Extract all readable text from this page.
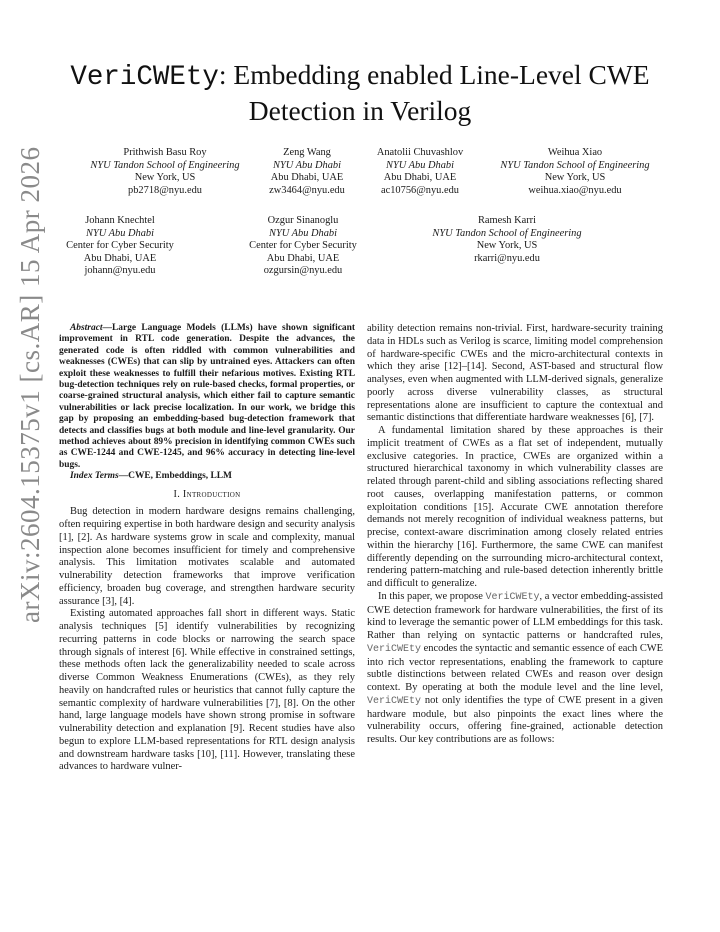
arXiv:2604.15375v1 [cs.AR] 15 Apr 2026
VeriCWEty: Embedding enabled Line-Level CWE
Detection in Verilog
Prithwish Basu Roy
NYU Tandon School of Engineering
New York, US
pb2718@nyu.edu
Zeng Wang
NYU Abu Dhabi
Abu Dhabi, UAE
zw3464@nyu.edu
Anatolii Chuvashlov
NYU Abu Dhabi
Abu Dhabi, UAE
ac10756@nyu.edu
Weihua Xiao
NYU Tandon School of Engineering
New York, US
weihua.xiao@nyu.edu
Johann Knechtel
NYU Abu Dhabi
Center for Cyber Security
Abu Dhabi, UAE
johann@nyu.edu
Ozgur Sinanoglu
NYU Abu Dhabi
Center for Cyber Security
Abu Dhabi, UAE
ozgursin@nyu.edu
Ramesh Karri
NYU Tandon School of Engineering
New York, US
rkarri@nyu.edu

Abstract—Large Language Models (LLMs) have shown significant improvement in RTL code generation. Despite the advances, the generated code is often riddled with common vulnerabilities and weaknesses (CWEs) that can slip by untrained eyes. Attackers can often exploit these weaknesses to fulfill their nefarious motives. Existing RTL bug-detection techniques rely on rule-based checks, formal properties, or coarse-grained structural analysis, which either fail to capture semantic vulnerabilities or lack precise localization. In our work, we bridge this gap by proposing an embedding-based bug-detection framework that detects and classifies bugs at both module and line-level granularity. Our method achieves about 89% precision in identifying common CWEs such as CWE-1244 and CWE-1245, and 96% accuracy in detecting line-level bugs.

Index Terms—CWE, Embeddings, LLM

I. Introduction

Bug detection in modern hardware designs remains challenging, often requiring expertise in both hardware design and security analysis [1], [2]. As hardware systems grow in scale and complexity, manual inspection alone becomes insufficient for timely and comprehensive analysis. This limitation motivates scalable and automated vulnerability detection frameworks that improve verification efficiency, broaden bug coverage, and strengthen hardware security assurance [3], [4].

Existing automated approaches fall short in different ways. Static analysis techniques [5] identify vulnerabilities by recognizing recurring patterns in code blocks or narrowing the search space through signals of interest [6]. While effective in constrained settings, these methods often lack the generalizability needed to scale across diverse Common Weakness Enumerations (CWEs), as they rely heavily on handcrafted rules or heuristics that cannot fully capture the semantic complexity of hardware vulnerabilities [7], [8]. On the other hand, large language models have shown strong promise in software vulnerability detection and explanation [9]. Recent studies have also begun to explore LLM-based representations for RTL design analysis and downstream hardware tasks [10], [11]. However, translating these advances to hardware vulner-

ability detection remains non-trivial. First, hardware-security training data in HDLs such as Verilog is scarce, limiting model comprehension of hardware-specific CWEs and the micro-architectural contexts in which they arise [12]–[14]. Second, AST-based and structural flow analyses, even when augmented with LLM-derived signals, generalize poorly across diverse vulnerability classes, as structural representations alone are insufficient to capture the contextual and semantic distinctions that differentiate hardware weaknesses [6], [7].

A fundamental limitation shared by these approaches is their implicit treatment of CWEs as a flat set of independent, mutually exclusive categories. In practice, CWEs are organized within a structured hierarchical taxonomy in which vulnerability classes are related through parent-child and sibling associations reflecting shared root causes, overlapping manifestation patterns, or common exploitation conditions [15]. Accurate CWE annotation therefore demands not merely recognition of individual weakness patterns, but precise, context-aware discrimination among closely related entries within the hierarchy [16]. Furthermore, the same CWE can manifest differently depending on the surrounding micro-architectural context, rendering pattern-matching and rule-based detection inherently brittle and difficult to generalize.

In this paper, we propose VeriCWEty, a vector embedding-assisted CWE detection framework for hardware vulnerabilities, the first of its kind to leverage the semantic power of LLM embeddings for this task. Rather than relying on syntactic patterns or handcrafted rules, VeriCWEty encodes the syntactic and semantic essence of each CWE into rich vector representations, enabling the framework to capture subtle distinctions between related CWEs and reason over design context. By operating at both the module level and the line level, VeriCWEty not only identifies the type of CWE present in a given hardware module, but also pinpoints the exact lines where the vulnerability occurs, offering fine-grained, actionable detection results. Our key contributions are as follows:
